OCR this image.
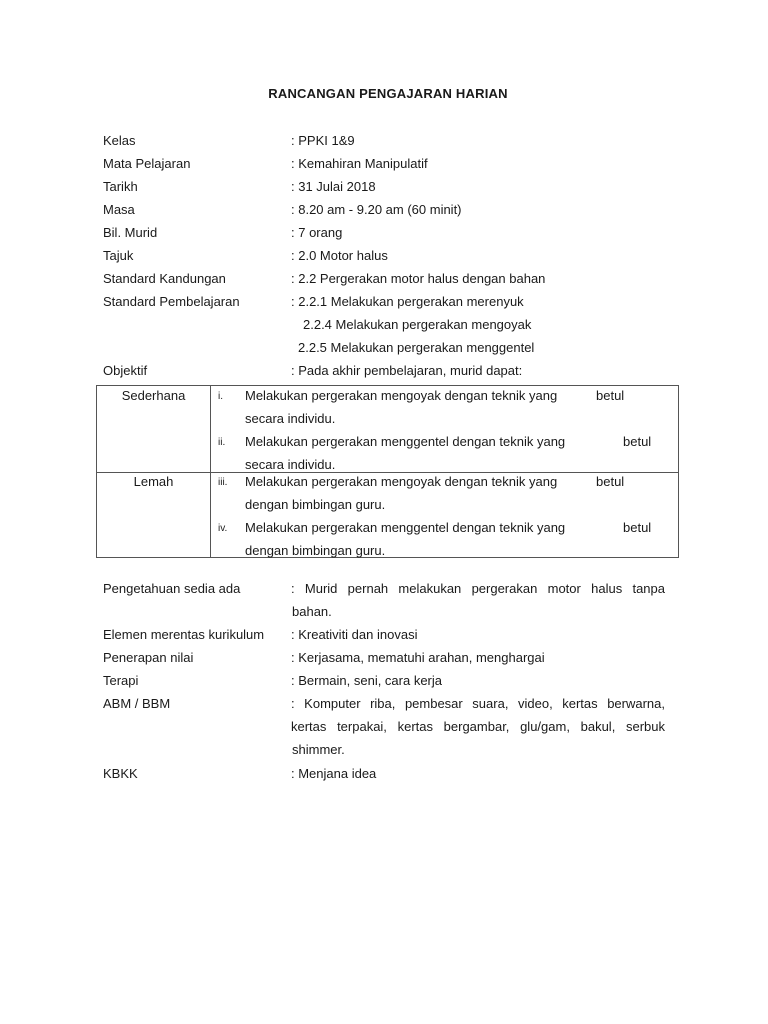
RANCANGAN PENGAJARAN HARIAN
Kelas	: PPKI 1&9
Mata Pelajaran	: Kemahiran Manipulatif
Tarikh	: 31 Julai 2018
Masa	: 8.20 am - 9.20 am (60 minit)
Bil. Murid	: 7 orang
Tajuk	: 2.0 Motor halus
Standard Kandungan	: 2.2 Pergerakan motor halus dengan bahan
Standard Pembelajaran	: 2.2.1 Melakukan pergerakan merenyuk
2.2.4 Melakukan pergerakan mengoyak
2.2.5 Melakukan pergerakan menggentel
Objektif	: Pada akhir pembelajaran, murid dapat:
Sederhana	i. Melakukan pergerakan mengoyak dengan teknik yang	betul
secara individu.
ii. Melakukan pergerakan menggentel dengan teknik yang	betul
secara individu.
Lemah	iii. Melakukan pergerakan mengoyak dengan teknik yang	betul
dengan bimbingan guru.
iv. Melakukan pergerakan menggentel dengan teknik yang	betul
dengan bimbingan guru.
Pengetahuan sedia ada	: Murid pernah melakukan pergerakan motor halus tanpa
bahan.
Elemen merentas kurikulum : Kreativiti dan inovasi
Penerapan nilai	: Kerjasama, mematuhi arahan, menghargai
Terapi	: Bermain, seni, cara kerja
ABM / BBM	: Komputer riba, pembesar suara, video, kertas berwarna,
kertas terpakai, kertas bergambar, glu/gam, bakul, serbuk
shimmer.
KBKK	: Menjana idea
